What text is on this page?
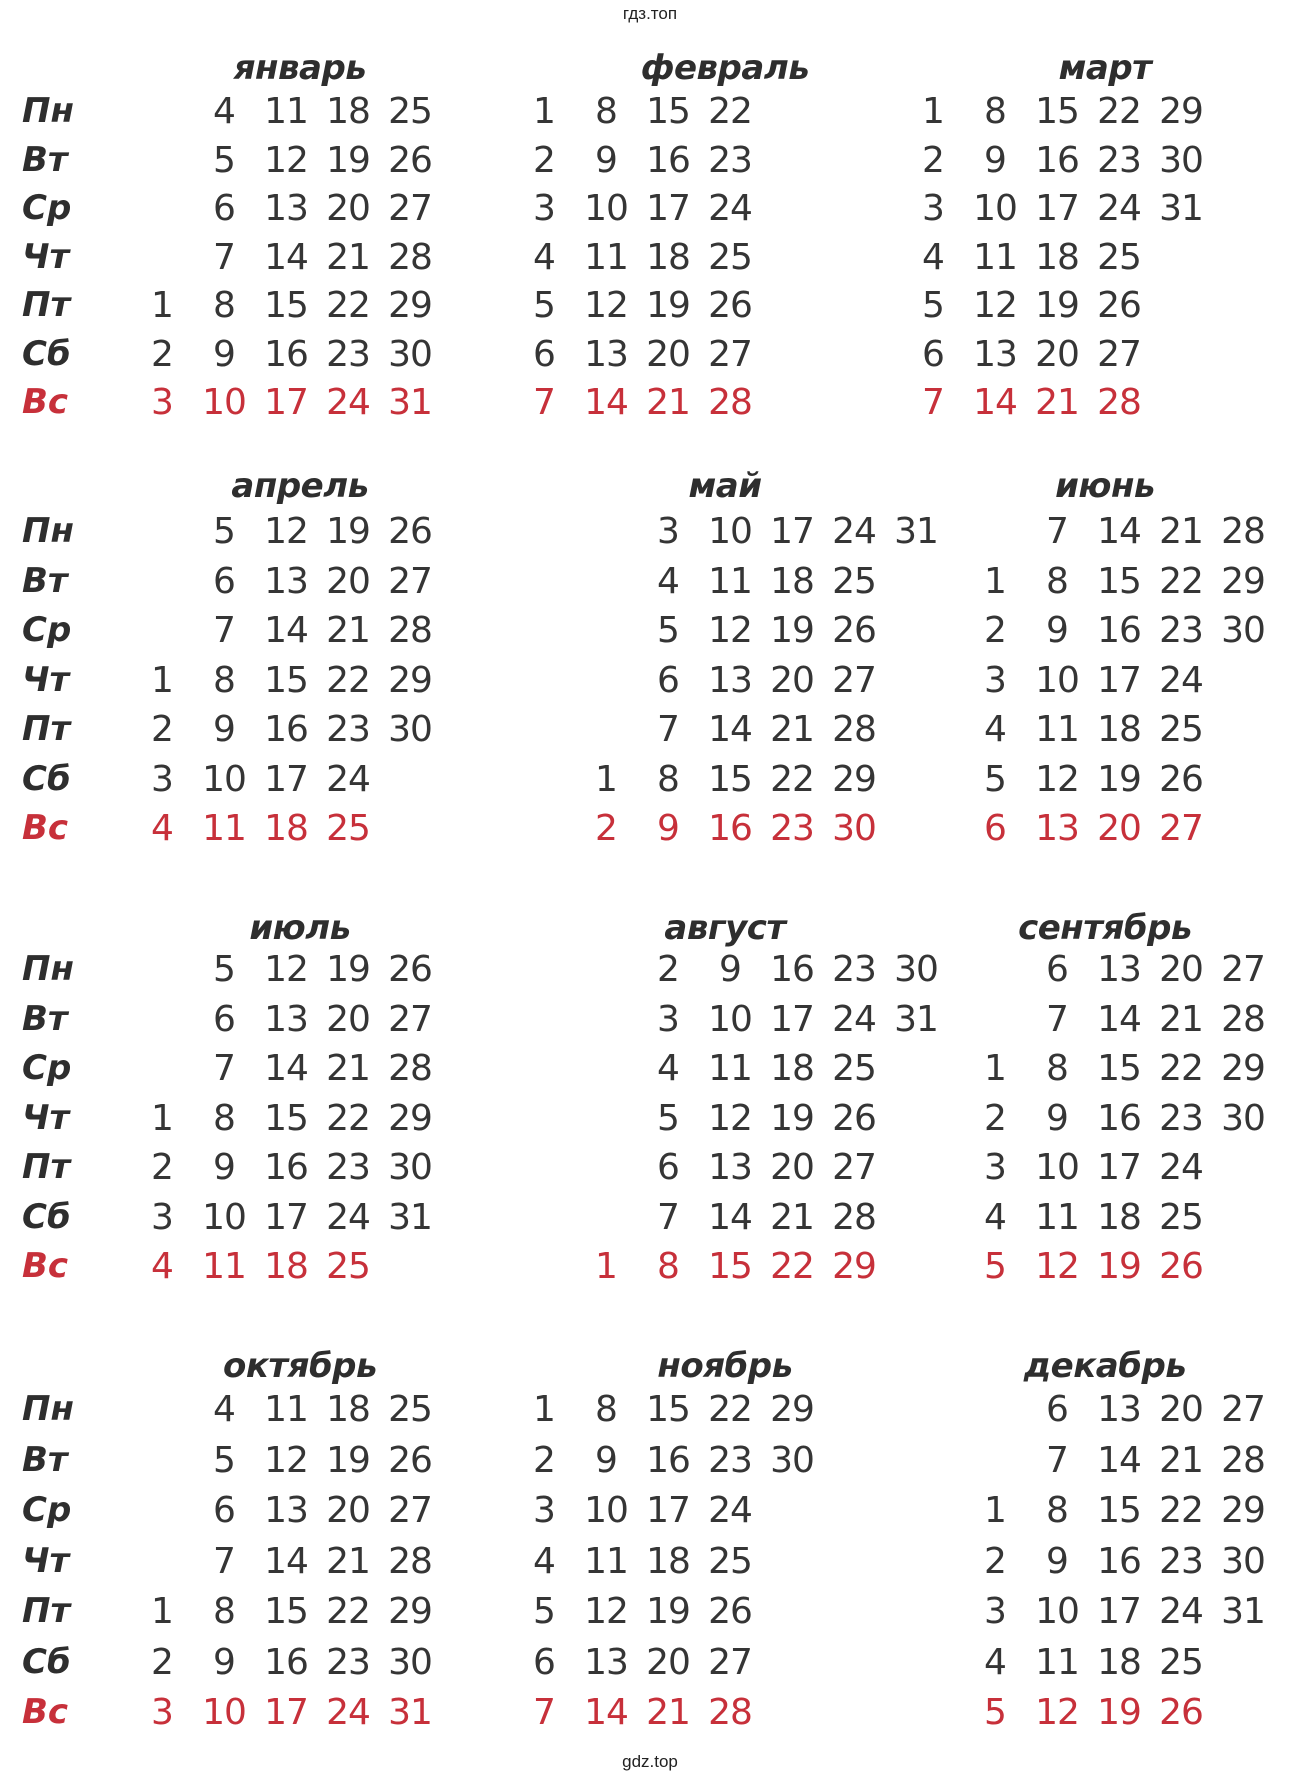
гдз.топ
январь
Пн
Вт
Ср
Чт
Пт
Сб
Вс
1
2
3
4
5
6
7
8
9
10
11
12
13
14
15
16
17
18
19
20
21
22
23
24
25
26
27
28
29
30
31
февраль
1
2
3
4
5
6
7
8
9
10
11
12
13
14
15
16
17
18
19
20
21
22
23
24
25
26
27
28
март
1
2
3
4
5
6
7
8
9
10
11
12
13
14
15
16
17
18
19
20
21
22
23
24
25
26
27
28
29
30
31
апрель
Пн
Вт
Ср
Чт
Пт
Сб
Вс
1
2
3
4
5
6
7
8
9
10
11
12
13
14
15
16
17
18
19
20
21
22
23
24
25
26
27
28
29
30
май
1
2
3
4
5
6
7
8
9
10
11
12
13
14
15
16
17
18
19
20
21
22
23
24
25
26
27
28
29
30
31
июнь
1
2
3
4
5
6
7
8
9
10
11
12
13
14
15
16
17
18
19
20
21
22
23
24
25
26
27
28
29
30
июль
Пн
Вт
Ср
Чт
Пт
Сб
Вс
1
2
3
4
5
6
7
8
9
10
11
12
13
14
15
16
17
18
19
20
21
22
23
24
25
26
27
28
29
30
31
август
1
2
3
4
5
6
7
8
9
10
11
12
13
14
15
16
17
18
19
20
21
22
23
24
25
26
27
28
29
30
31
сентябрь
1
2
3
4
5
6
7
8
9
10
11
12
13
14
15
16
17
18
19
20
21
22
23
24
25
26
27
28
29
30
октябрь
Пн
Вт
Ср
Чт
Пт
Сб
Вс
1
2
3
4
5
6
7
8
9
10
11
12
13
14
15
16
17
18
19
20
21
22
23
24
25
26
27
28
29
30
31
ноябрь
1
2
3
4
5
6
7
8
9
10
11
12
13
14
15
16
17
18
19
20
21
22
23
24
25
26
27
28
29
30
декабрь
1
2
3
4
5
6
7
8
9
10
11
12
13
14
15
16
17
18
19
20
21
22
23
24
25
26
27
28
29
30
31
gdz.top
